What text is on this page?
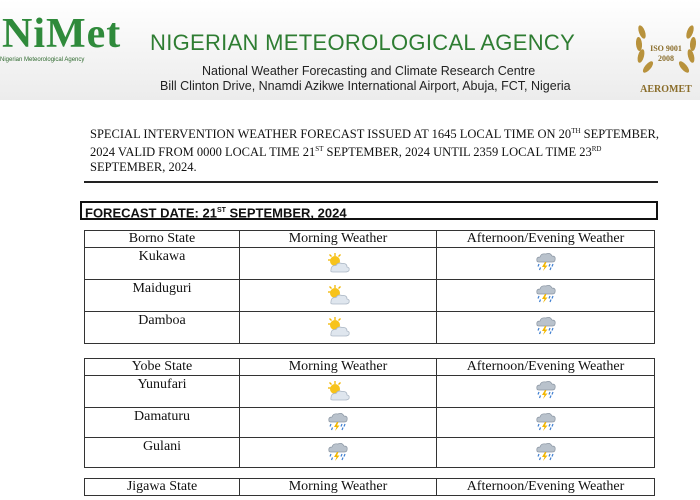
NiMet
Nigerian Meteorological Agency
NIGERIAN METEOROLOGICAL AGENCY
National Weather Forecasting and Climate Research Centre
Bill Clinton Drive, Nnamdi Azikwe International Airport, Abuja, FCT, Nigeria
ISO 9001
2008
AEROMET
SPECIAL INTERVENTION WEATHER FORECAST ISSUED AT 1645 LOCAL TIME ON 20TH SEPTEMBER, 2024 VALID FROM 0000 LOCAL TIME 21ST SEPTEMBER, 2024 UNTIL 2359 LOCAL TIME 23RD SEPTEMBER, 2024.
FORECAST DATE: 21ST SEPTEMBER, 2024
Borno State	Morning Weather	Afternoon/Evening Weather

Kukawa

Maiduguri

Damboa

Yobe State	Morning Weather	Afternoon/Evening Weather

Yunufari

Damaturu

Gulani

Jigawa State	Morning Weather	Afternoon/Evening Weather
